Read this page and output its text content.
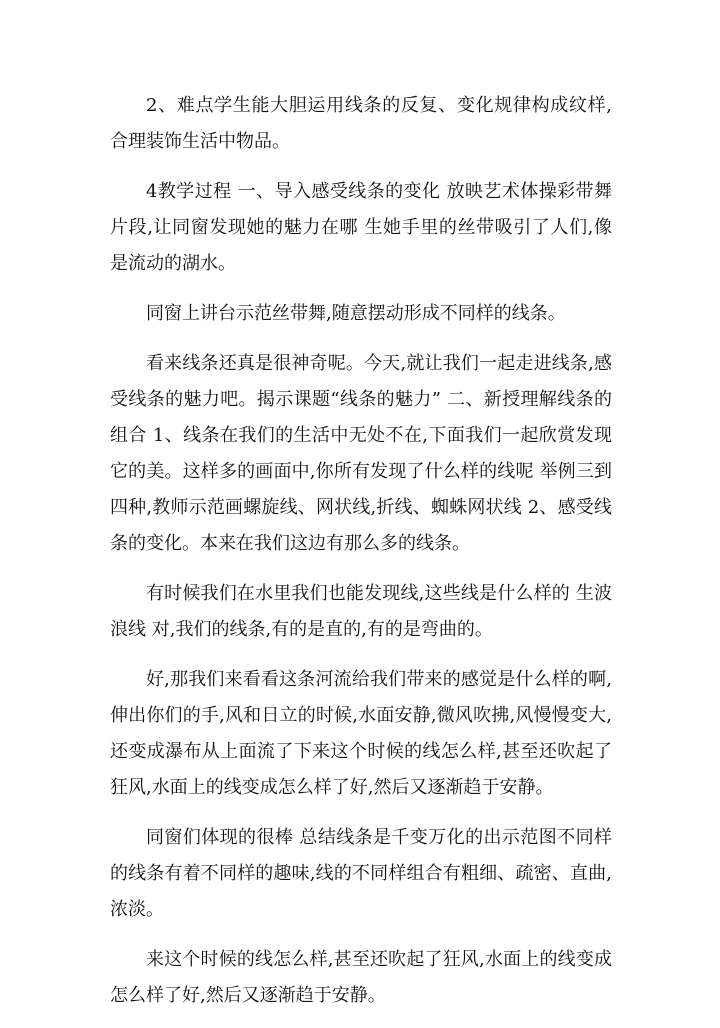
2、难点学生能大胆运用线条的反复、变化规律构成纹样,合理装饰生活中物品。

4教学过程 一、导入感受线条的变化 放映艺术体操彩带舞片段,让同窗发现她的魅力在哪 生她手里的丝带吸引了人们,像是流动的湖水。

同窗上讲台示范丝带舞,随意摆动形成不同样的线条。

看来线条还真是很神奇呢。今天,就让我们一起走进线条,感受线条的魅力吧。揭示课题“线条的魅力” 二、新授理解线条的组合 1、线条在我们的生活中无处不在,下面我们一起欣赏发现它的美。这样多的画面中,你所有发现了什么样的线呢 举例三到四种,教师示范画螺旋线、网状线,折线、蜘蛛网状线 2、感受线条的变化。本来在我们这边有那么多的线条。

有时候我们在水里我们也能发现线,这些线是什么样的 生波浪线 对,我们的线条,有的是直的,有的是弯曲的。

好,那我们来看看这条河流给我们带来的感觉是什么样的啊,伸出你们的手,风和日立的时候,水面安静,微风吹拂,风慢慢变大,还变成瀑布从上面流了下来这个时候的线怎么样,甚至还吹起了狂风,水面上的线变成怎么样了好,然后又逐渐趋于安静。

同窗们体现的很棒 总结线条是千变万化的出示范图不同样的线条有着不同样的趣味,线的不同样组合有粗细、疏密、直曲,浓淡。

来这个时候的线怎么样,甚至还吹起了狂风,水面上的线变成怎么样了好,然后又逐渐趋于安静。
